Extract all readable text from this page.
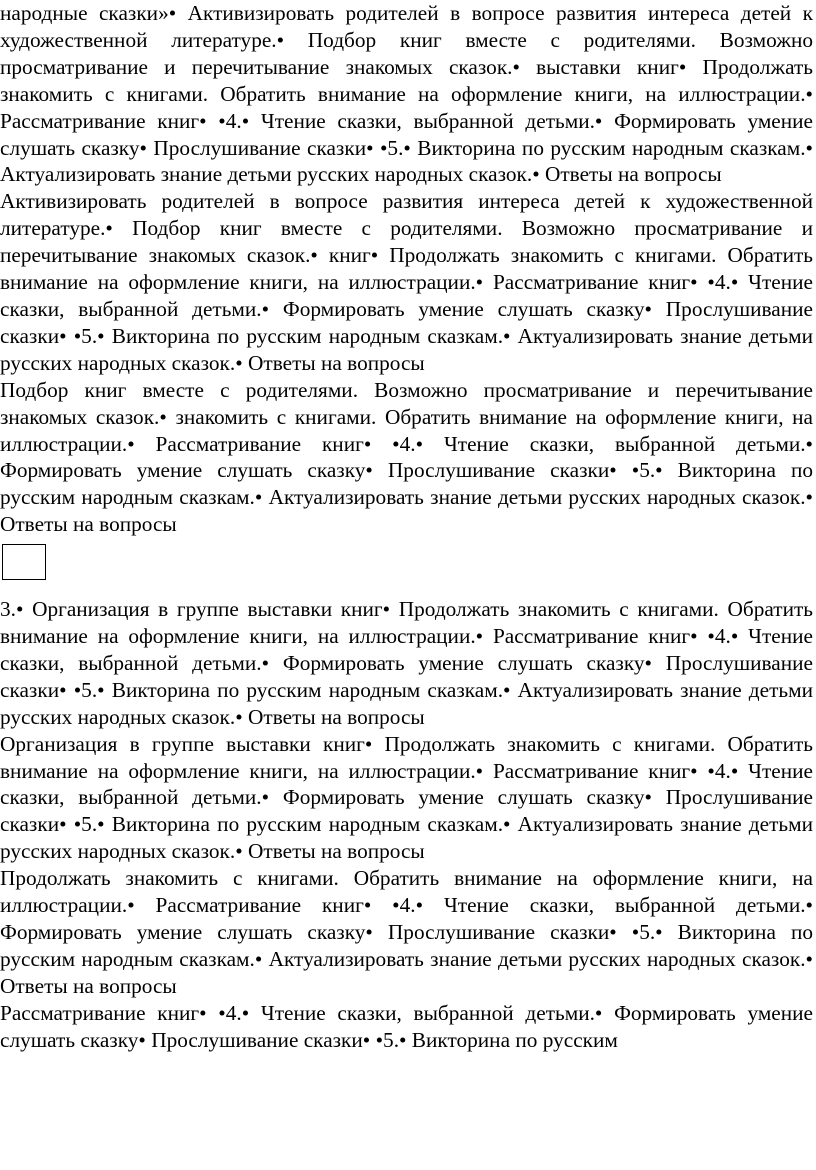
народные сказки»• Активизировать родителей в вопросе развития интереса детей к художественной литературе.• Подбор книг вместе с родителями. Возможно просматривание и перечитывание знакомых сказок.• выставки книг• Продолжать знакомить с книгами. Обратить внимание на оформление книги, на иллюстрации.• Рассматривание книг• •4.• Чтение сказки, выбранной детьми.• Формировать умение слушать сказку• Прослушивание сказки• •5.• Викторина по русским народным сказкам.• Актуализировать знание детьми русских народных сказок.• Ответы на вопросы

Активизировать родителей в вопросе развития интереса детей к художественной литературе.• Подбор книг вместе с родителями. Возможно просматривание и перечитывание знакомых сказок.• книг• Продолжать знакомить с книгами. Обратить внимание на оформление книги, на иллюстрации.• Рассматривание книг• •4.• Чтение сказки, выбранной детьми.• Формировать умение слушать сказку• Прослушивание сказки• •5.• Викторина по русским народным сказкам.• Актуализировать знание детьми русских народных сказок.• Ответы на вопросы

Подбор книг вместе с родителями. Возможно просматривание и перечитывание знакомых сказок.• знакомить с книгами. Обратить внимание на оформление книги, на иллюстрации.• Рассматривание книг• •4.• Чтение сказки, выбранной детьми.• Формировать умение слушать сказку• Прослушивание сказки• •5.• Викторина по русским народным сказкам.• Актуализировать знание детьми русских народных сказок.• Ответы на вопросы

3.• Организация в группе выставки книг• Продолжать знакомить с книгами. Обратить внимание на оформление книги, на иллюстрации.• Рассматривание книг• •4.• Чтение сказки, выбранной детьми.• Формировать умение слушать сказку• Прослушивание сказки• •5.• Викторина по русским народным сказкам.• Актуализировать знание детьми русских народных сказок.• Ответы на вопросы

Организация в группе выставки книг• Продолжать знакомить с книгами. Обратить внимание на оформление книги, на иллюстрации.• Рассматривание книг• •4.• Чтение сказки, выбранной детьми.• Формировать умение слушать сказку• Прослушивание сказки• •5.• Викторина по русским народным сказкам.• Актуализировать знание детьми русских народных сказок.• Ответы на вопросы

Продолжать знакомить с книгами. Обратить внимание на оформление книги, на иллюстрации.• Рассматривание книг• •4.• Чтение сказки, выбранной детьми.• Формировать умение слушать сказку• Прослушивание сказки• •5.• Викторина по русским народным сказкам.• Актуализировать знание детьми русских народных сказок.• Ответы на вопросы

Рассматривание книг• •4.• Чтение сказки, выбранной детьми.• Формировать умение слушать сказку• Прослушивание сказки• •5.• Викторина по русским
